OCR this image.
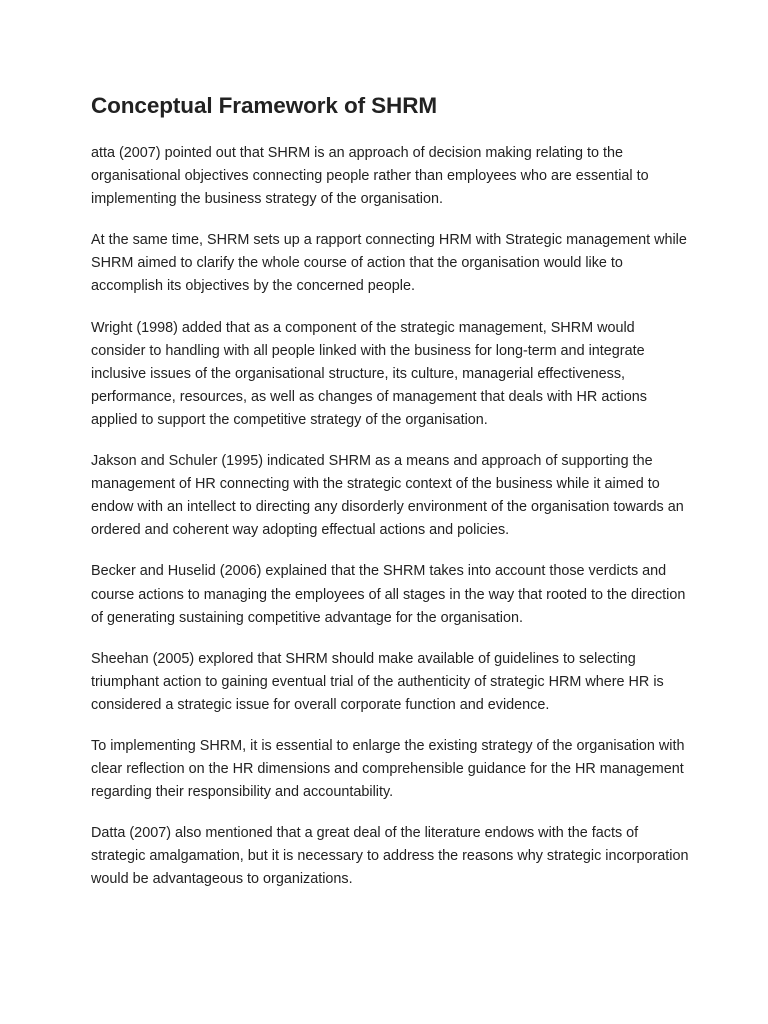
Conceptual Framework of SHRM

atta (2007) pointed out that SHRM is an approach of decision making relating to the organisational objectives connecting people rather than employees who are essential to implementing the business strategy of the organisation.

At the same time, SHRM sets up a rapport connecting HRM with Strategic management while SHRM aimed to clarify the whole course of action that the organisation would like to accomplish its objectives by the concerned people.

Wright (1998) added that as a component of the strategic management, SHRM would consider to handling with all people linked with the business for long-term and integrate inclusive issues of the organisational structure, its culture, managerial effectiveness, performance, resources, as well as changes of management that deals with HR actions applied to support the competitive strategy of the organisation.

Jakson and Schuler (1995) indicated SHRM as a means and approach of supporting the management of HR connecting with the strategic context of the business while it aimed to endow with an intellect to directing any disorderly environment of the organisation towards an ordered and coherent way adopting effectual actions and policies.

Becker and Huselid (2006) explained that the SHRM takes into account those verdicts and course actions to managing the employees of all stages in the way that rooted to the direction of generating sustaining competitive advantage for the organisation.

Sheehan (2005) explored that SHRM should make available of guidelines to selecting triumphant action to gaining eventual trial of the authenticity of strategic HRM where HR is considered a strategic issue for overall corporate function and evidence.

To implementing SHRM, it is essential to enlarge the existing strategy of the organisation with clear reflection on the HR dimensions and comprehensible guidance for the HR management regarding their responsibility and accountability.

Datta (2007) also mentioned that a great deal of the literature endows with the facts of strategic amalgamation, but it is necessary to address the reasons why strategic incorporation would be advantageous to organizations.
